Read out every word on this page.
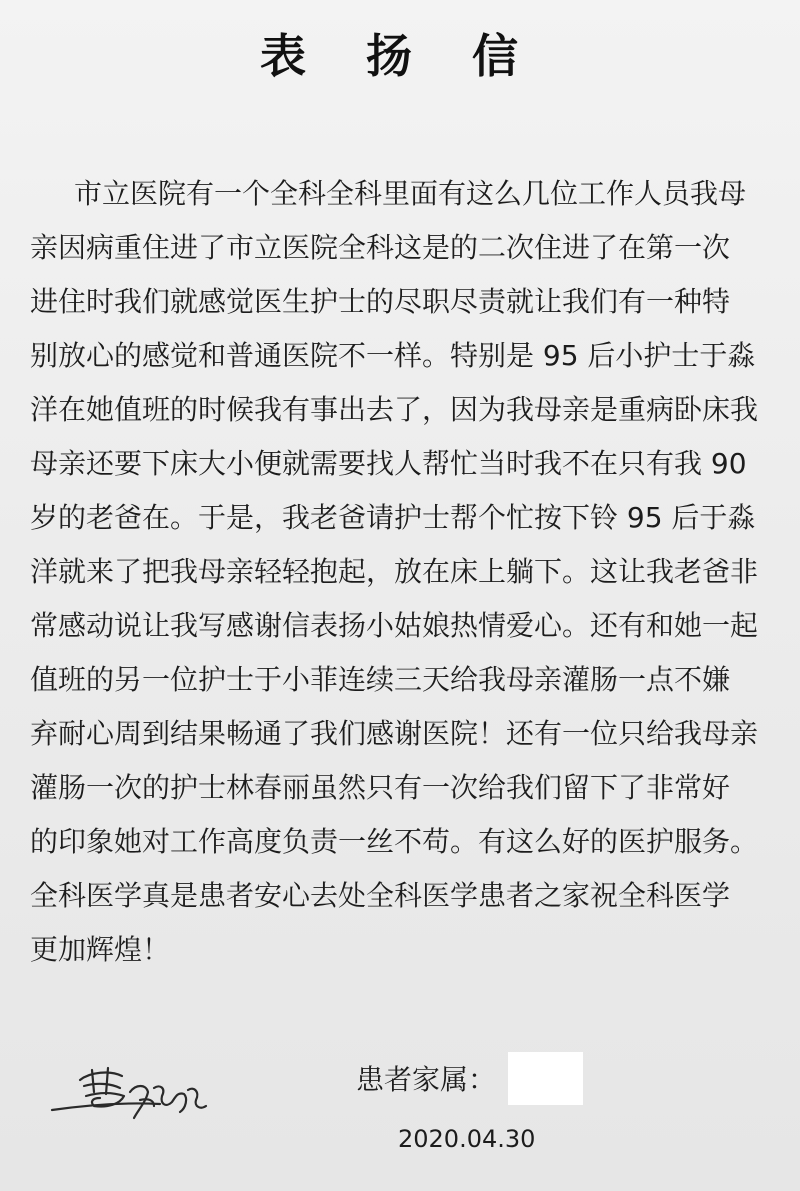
表 扬 信
市立医院有一个全科全科里面有这么几位工作人员我母
亲因病重住进了市立医院全科这是的二次住进了在第一次
进住时我们就感觉医生护士的尽职尽责就让我们有一种特
别放心的感觉和普通医院不一样。特别是 95 后小护士于淼
洋在她值班的时候我有事出去了，因为我母亲是重病卧床我
母亲还要下床大小便就需要找人帮忙当时我不在只有我 90
岁的老爸在。于是，我老爸请护士帮个忙按下铃 95 后于淼
洋就来了把我母亲轻轻抱起，放在床上躺下。这让我老爸非
常感动说让我写感谢信表扬小姑娘热情爱心。还有和她一起
值班的另一位护士于小菲连续三天给我母亲灌肠一点不嫌
弃耐心周到结果畅通了我们感谢医院！还有一位只给我母亲
灌肠一次的护士林春丽虽然只有一次给我们留下了非常好
的印象她对工作高度负责一丝不苟。有这么好的医护服务。
全科医学真是患者安心去处全科医学患者之家祝全科医学
更加辉煌！
患者家属：
2020.04.30
